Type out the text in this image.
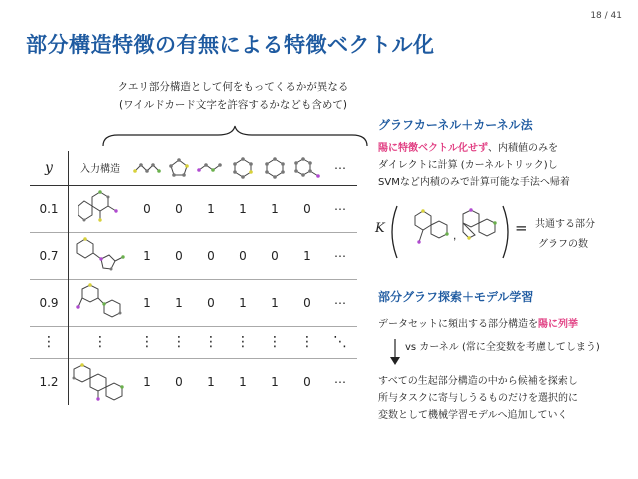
18 / 41
部分構造特徴の有無による特徴ベクトル化
クエリ部分構造として何をもってくるかが異なる
(ワイルドカード文字を許容するかなども含めて)
y	入力構造							⋯
0.1		0	0	1	1	1	0	⋯
0.7		1	0	0	0	0	1	⋯
0.9		1	1	0	1	1	0	⋯
⋮	⋮	⋮	⋮	⋮	⋮	⋮	⋮	⋱
1.2		1	0	1	1	1	0	⋯
グラフカーネル＋カーネル法
陽に特徴ベクトル化せず、内積値のみを
ダイレクトに計算 (カーネルトリック)し
SVMなど内積のみで計算可能な手法へ帰着
K	,	= 共通する部分
グラフの数
部分グラフ探索＋モデル学習
データセットに頻出する部分構造を陽に列挙
vs カーネル (常に全変数を考慮してしまう)
すべての生起部分構造の中から候補を探索し
所与タスクに寄与しうるものだけを選択的に
変数として機械学習モデルへ追加していく
